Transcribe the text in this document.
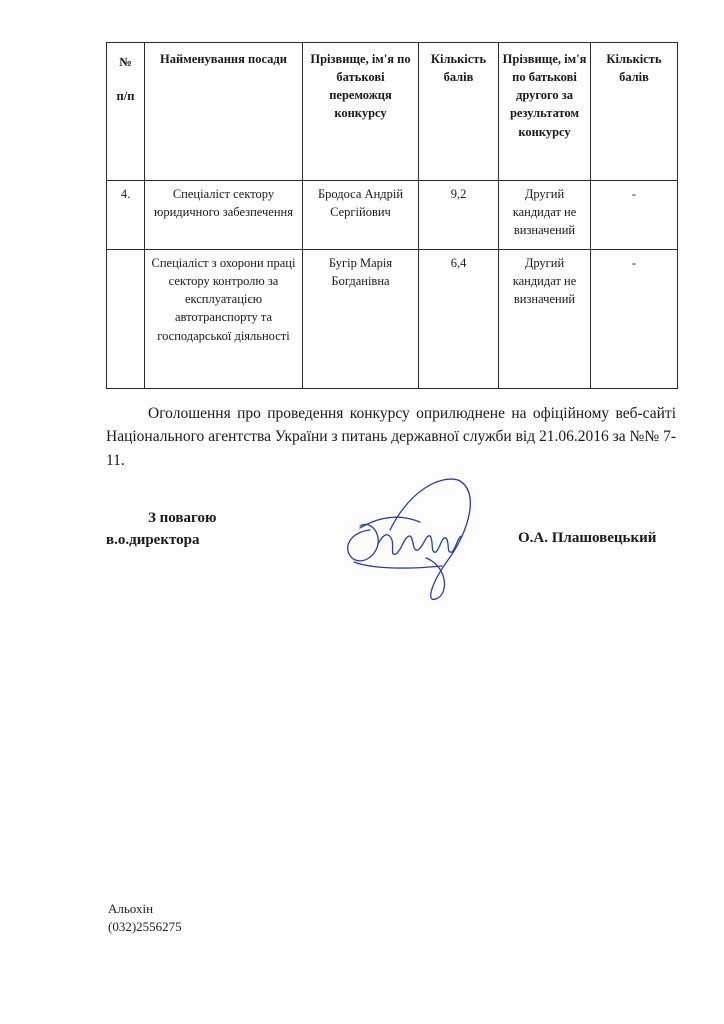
№
п/п	Найменування посади	Прізвище, ім'я по батькові переможця конкурсу	Кількість балів	Прізвище, ім'я по батькові другого за результатом конкурсу	Кількість балів
4.	Спеціаліст сектору юридичного забезпечення	Бродоса Андрій Сергійович	9,2	Другий кандидат не визначений	-
	Спеціаліст з охорони праці сектору контролю за експлуатацією автотранспорту та господарської діяльності	Бугір Марія Богданівна	6,4	Другий кандидат не визначений	-

Оголошення про проведення конкурсу оприлюднене на офіційному веб-сайті Національного агентства України з питань державної служби від 21.06.2016 за №№ 7-11.

З повагою
в.о.директора	О.А. Плашовецький
Альохін
(032)2556275
